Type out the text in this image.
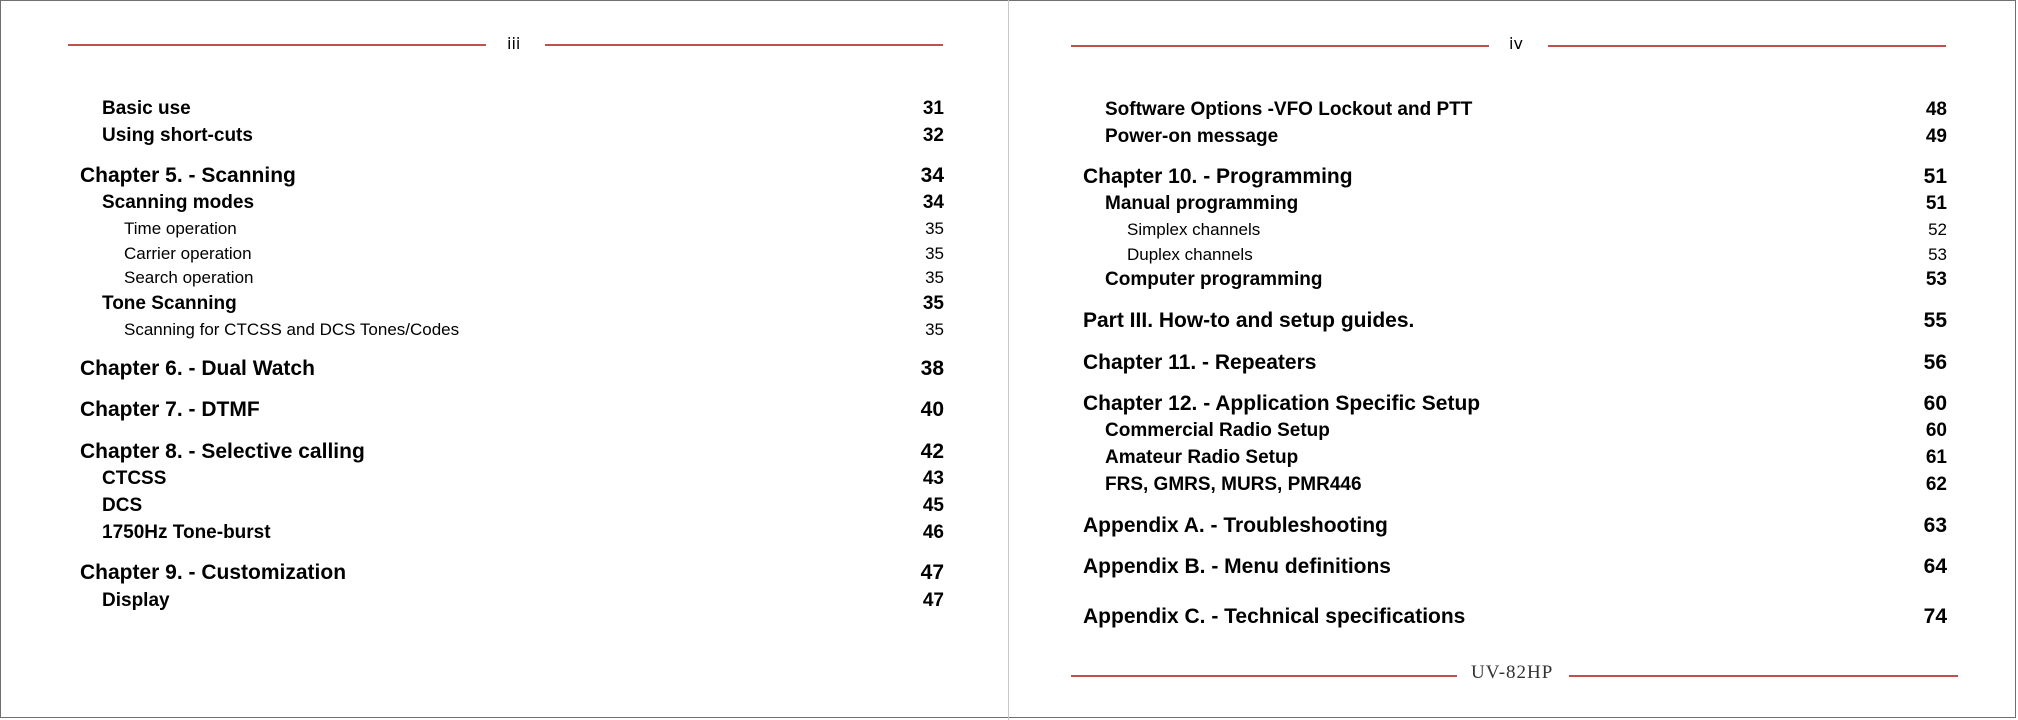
iii
Basic use	31
Using short-cuts	32
Chapter 5. - Scanning	34
Scanning modes	34
Time operation	35
Carrier operation	35
Search operation	35
Tone Scanning	35
Scanning for CTCSS and DCS Tones/Codes	35
Chapter 6. - Dual Watch	38
Chapter 7. - DTMF	40
Chapter 8. - Selective calling	42
CTCSS	43
DCS	45
1750Hz Tone-burst	46
Chapter 9. - Customization	47
Display	47
iv
Software Options -VFO Lockout and PTT	48
Power-on message	49
Chapter 10. - Programming	51
Manual programming	51
Simplex channels	52
Duplex channels	53
Computer programming	53
Part III. How-to and setup guides.	55
Chapter 11. - Repeaters	56
Chapter 12. - Application Specific Setup	60
Commercial Radio Setup	60
Amateur Radio Setup	61
FRS, GMRS, MURS, PMR446	62
Appendix A. - Troubleshooting	63
Appendix B. - Menu definitions	64
Appendix C. - Technical specifications	74
UV-82HP
